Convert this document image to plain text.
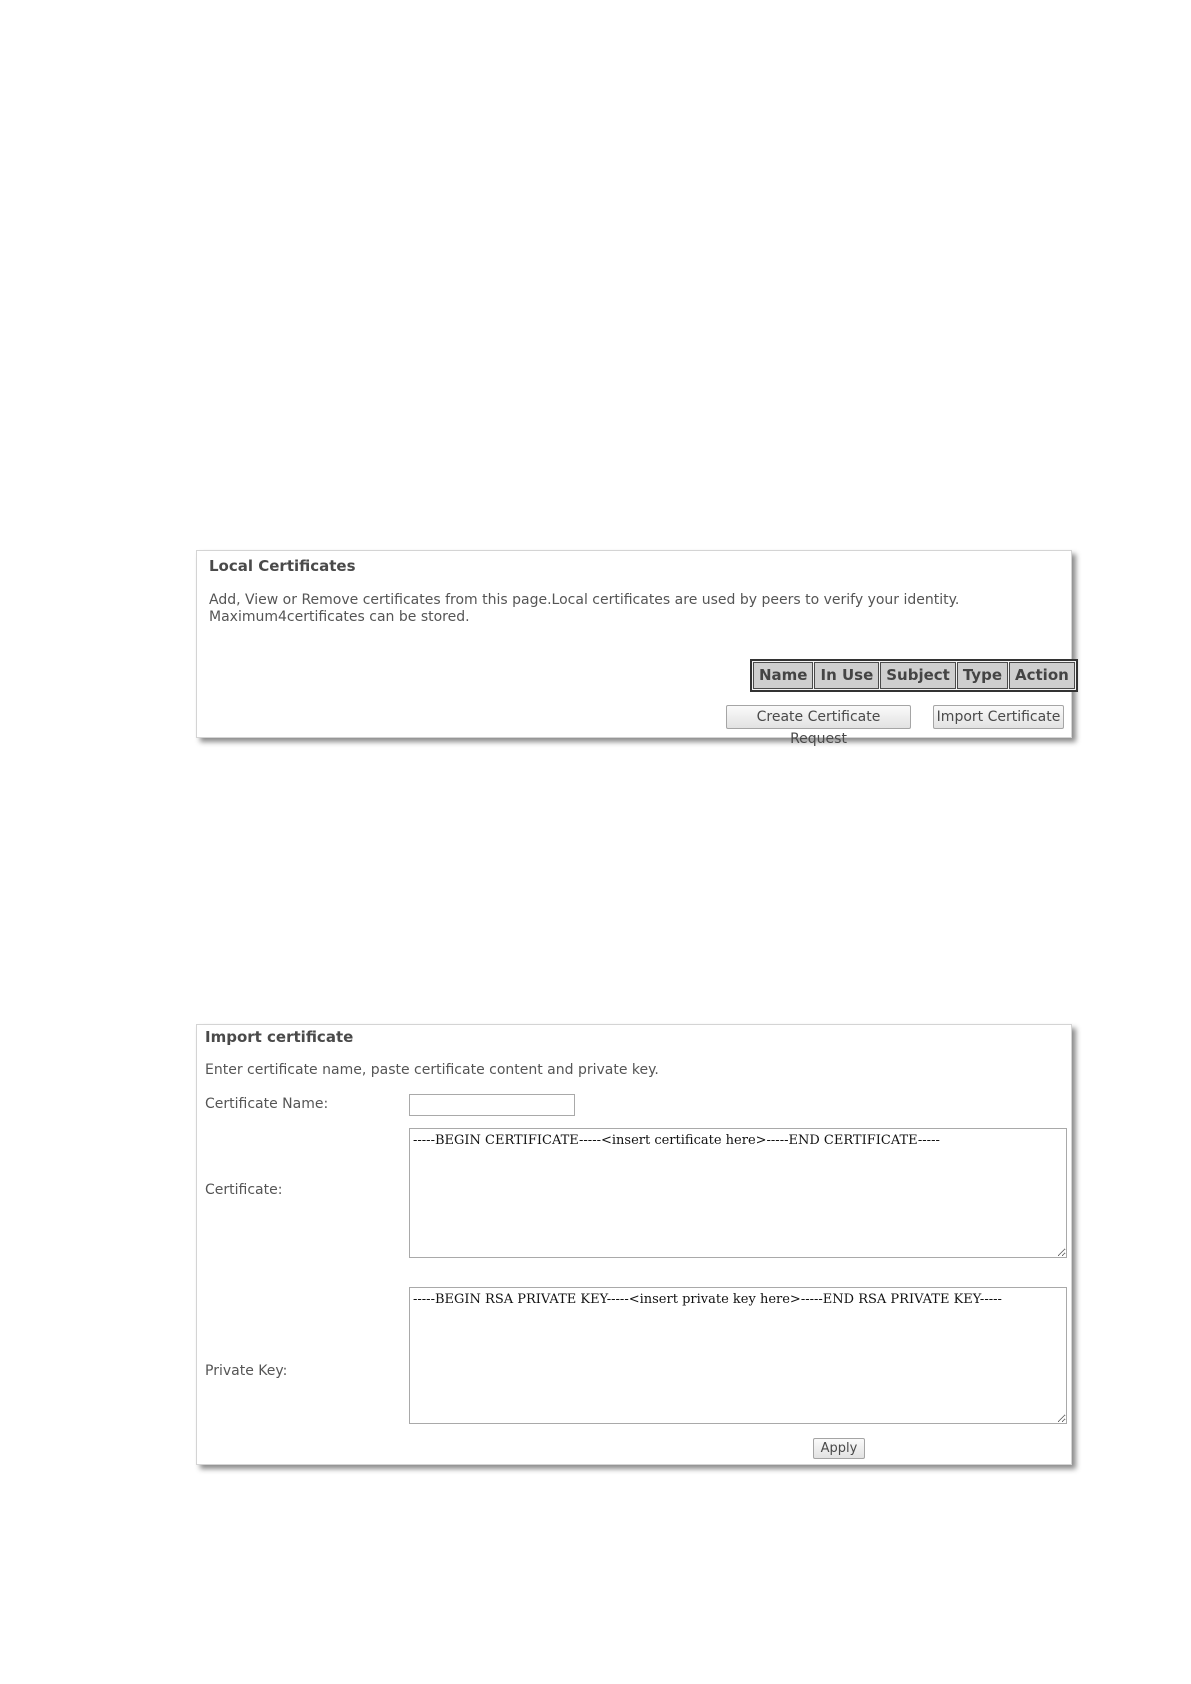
Local Certificates
Add, View or Remove certificates from this page.Local certificates are used by peers to verify your identity.
Maximum4certificates can be stored.
Name	In Use	Subject	Type	Action
Create Certificate Request
Import Certificate
Import certificate
Enter certificate name, paste certificate content and private key.
Certificate Name:
Certificate:
-----BEGIN CERTIFICATE-----<insert certificate here>-----END CERTIFICATE-----
Private Key:
-----BEGIN RSA PRIVATE KEY-----<insert private key here>-----END RSA PRIVATE KEY-----
Apply
